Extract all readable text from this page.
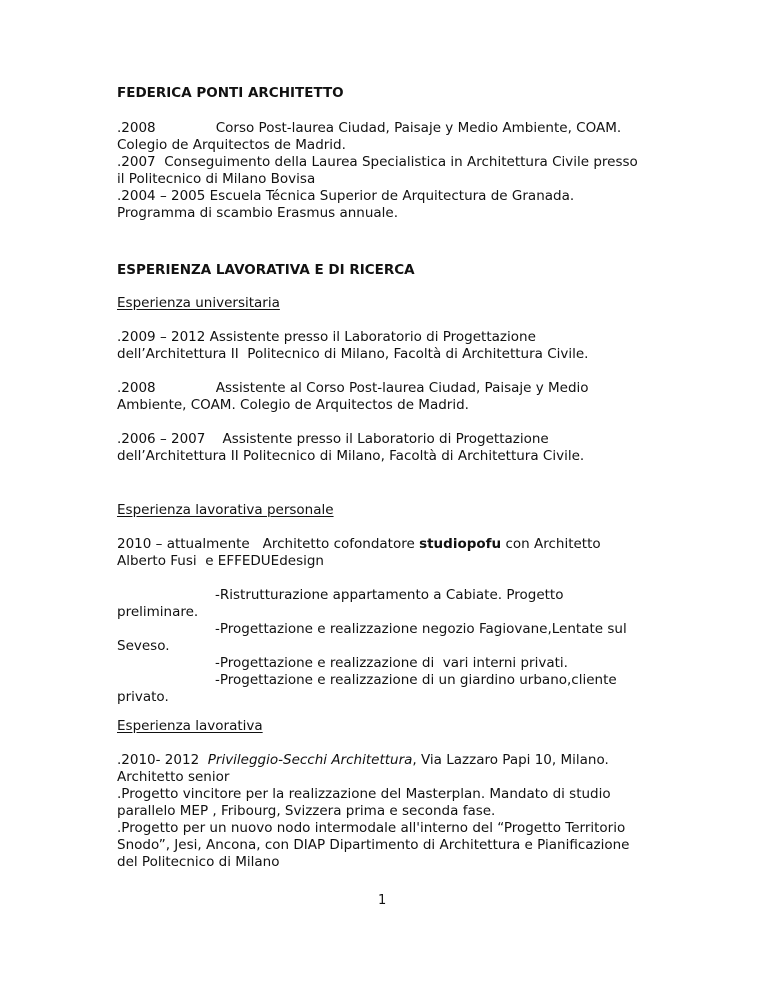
FEDERICA PONTI ARCHITETTO
.2008              Corso Post-laurea Ciudad, Paisaje y Medio Ambiente, COAM.
Colegio de Arquitectos de Madrid.
.2007  Conseguimento della Laurea Specialistica in Architettura Civile presso
il Politecnico di Milano Bovisa
.2004 – 2005 Escuela Técnica Superior de Arquitectura de Granada.
Programma di scambio Erasmus annuale.
ESPERIENZA LAVORATIVA E DI RICERCA
Esperienza universitaria
.2009 – 2012 Assistente presso il Laboratorio di Progettazione
dell’Architettura II  Politecnico di Milano, Facoltà di Architettura Civile.
.2008              Assistente al Corso Post-laurea Ciudad, Paisaje y Medio
Ambiente, COAM. Colegio de Arquitectos de Madrid.
.2006 – 2007    Assistente presso il Laboratorio di Progettazione
dell’Architettura II Politecnico di Milano, Facoltà di Architettura Civile.
Esperienza lavorativa personale
2010 – attualmente   Architetto cofondatore studiopofu con Architetto
Alberto Fusi  e EFFEDUEdesign
-Ristrutturazione appartamento a Cabiate. Progetto
preliminare.
-Progettazione e realizzazione negozio Fagiovane,Lentate sul
Seveso.
-Progettazione e realizzazione di  vari interni privati.
-Progettazione e realizzazione di un giardino urbano,cliente
privato.
Esperienza lavorativa
.2010- 2012  Privileggio-Secchi Architettura, Via Lazzaro Papi 10, Milano.
Architetto senior
.Progetto vincitore per la realizzazione del Masterplan. Mandato di studio
parallelo MEP , Fribourg, Svizzera prima e seconda fase.
.Progetto per un nuovo nodo intermodale all'interno del “Progetto Territorio
Snodo”, Jesi, Ancona, con DIAP Dipartimento di Architettura e Pianificazione
del Politecnico di Milano
1
